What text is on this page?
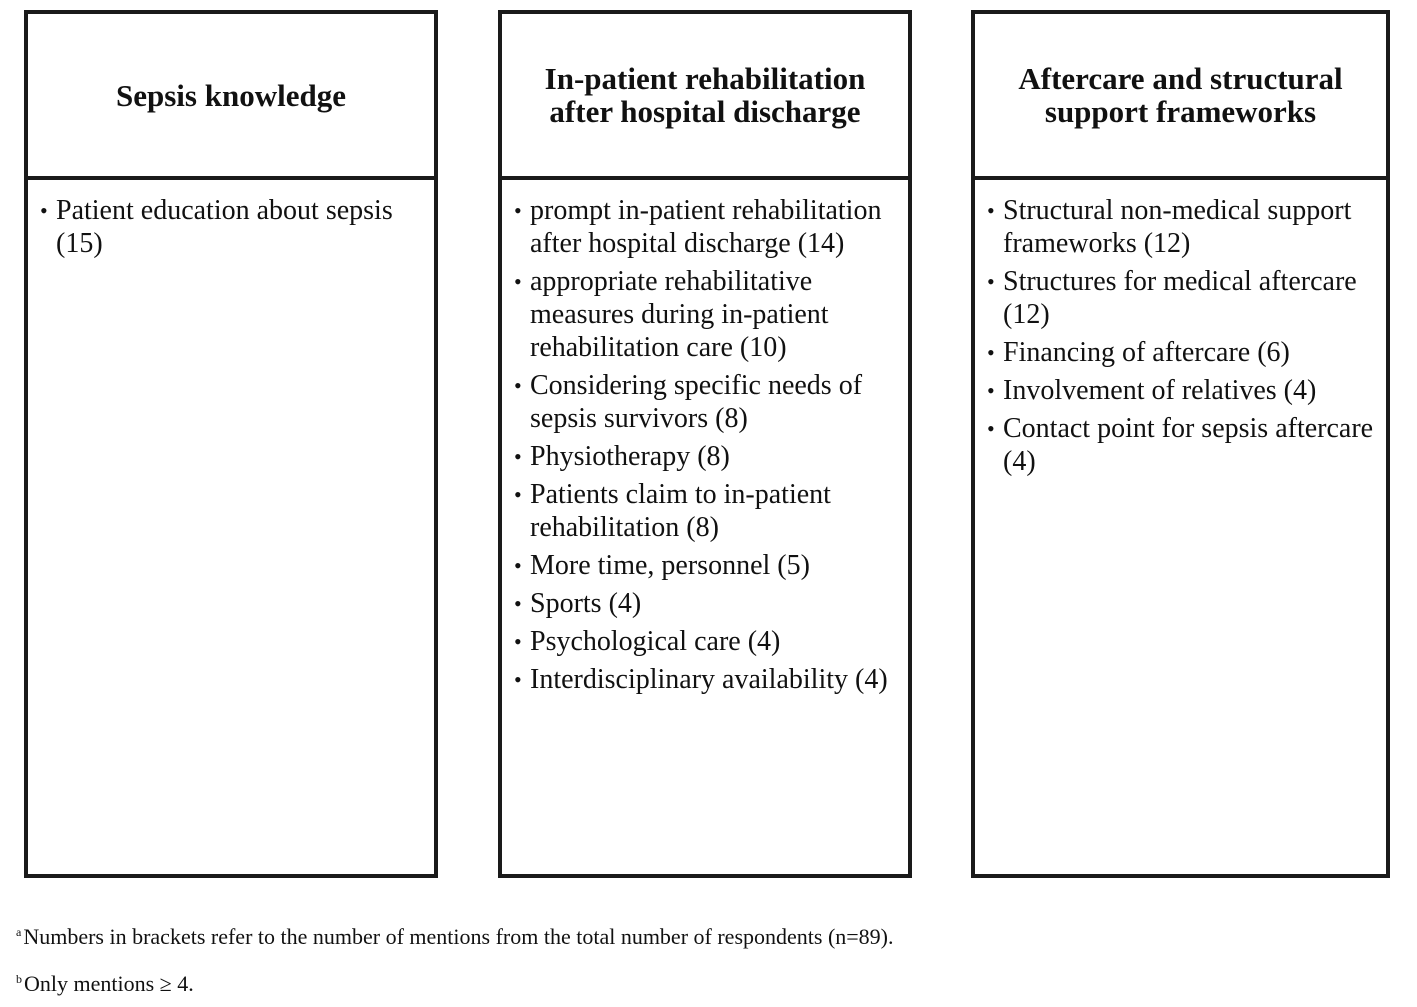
Sepsis knowledge
• Patient education about sepsis (15)
In-patient rehabilitation
after hospital discharge
• prompt in-patient rehabilitation after hospital discharge (14)
• appropriate rehabilitative measures during in-patient rehabilitation care (10)
• Considering specific needs of sepsis survivors (8)
• Physiotherapy (8)
• Patients claim to in-patient rehabilitation (8)
• More time, personnel (5)
• Sports (4)
• Psychological care (4)
• Interdisciplinary availability (4)
Aftercare and structural
support frameworks
• Structural non-medical support frameworks (12)
• Structures for medical aftercare (12)
• Financing of aftercare (6)
• Involvement of relatives (4)
• Contact point for sepsis aftercare (4)
$^a$Numbers in brackets refer to the number of mentions from the total number of respondents (n=89).
$^b$Only mentions ≥ 4.
